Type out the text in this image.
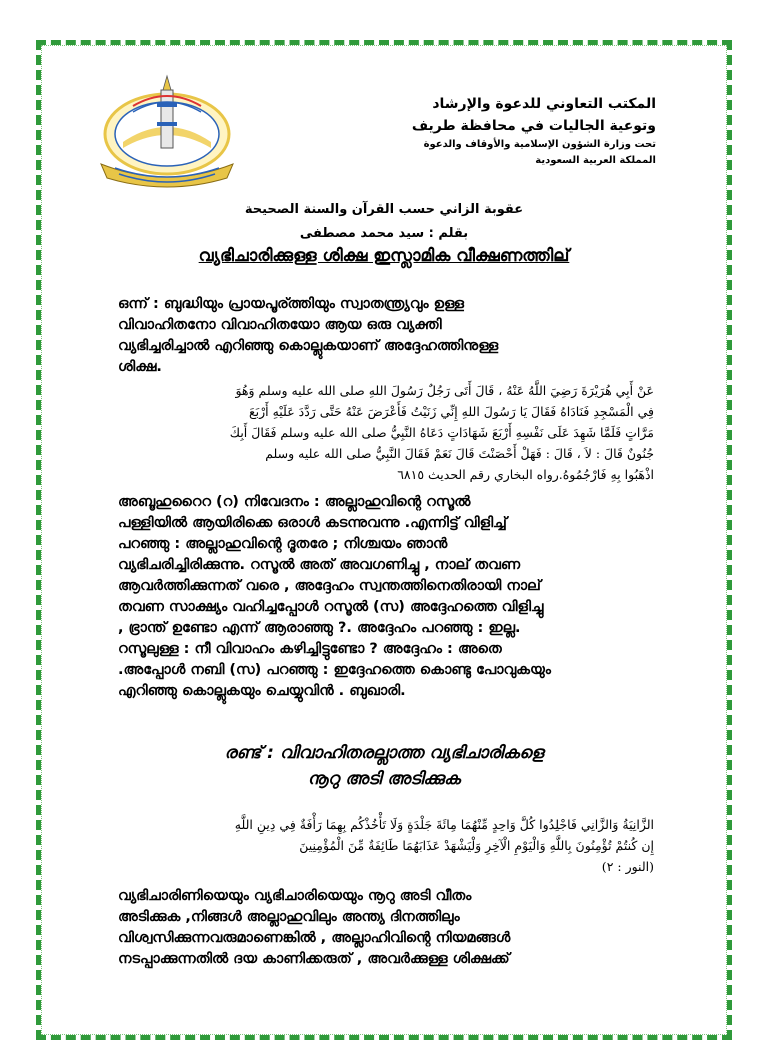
المكتب التعاوني للدعوة والإرشاد
وتوعية الجاليات في محافظة طريف
تحت وزارة الشؤون الإسلامية والأوقاف والدعوة
المملكة العربية السعودية
عقوبة الزاني حسب القرآن والسنة الصحيحة
بقلم : سيد محمد مصطفى
വ്യഭിചാരിക്കുള്ള ശിക്ഷ ഇസ്ലാമിക വീക്ഷണത്തില്
ഒന്ന് : ബുദ്ധിയും പ്രായപൂര്ത്തിയും സ്വാതന്ത്ര്യവും ഉള്ള
വിവാഹിതനോ വിവാഹിതയോ ആയ ഒരു വ്യക്തി
വ്യഭിച്ചരിച്ചാൽ എറിഞ്ഞു കൊല്ലുകയാണ് അദ്ദേഹത്തിനുള്ള
ശിക്ഷ.
عَنْ أَبِي هُرَيْرَةَ رَضِيَ اللَّهُ عَنْهُ ، قَالَ أَتَى رَجُلٌ رَسُولَ اللهِ صلى الله عليه وسلم وَهُوَ
فِي الْمَسْجِدِ فَنَادَاهُ فَقَالَ يَا رَسُولَ اللهِ إِنِّي زَنَيْتُ فَأَعْرَضَ عَنْهُ حَتَّى رَدَّدَ عَلَيْهِ أَرْبَعَ
مَرَّاتٍ فَلَمَّا شَهِدَ عَلَى نَفْسِهِ أَرْبَعَ شَهَادَاتٍ دَعَاهُ النَّبِيُّ صلى الله عليه وسلم فَقَالَ أَبِكَ
جُنُونٌ قَالَ : لاَ ، قَالَ : فَهَلْ أَحْصَنْتَ قَالَ نَعَمْ فَقَالَ النَّبِيُّ صلى الله عليه وسلم
اذْهَبُوا بِهِ فَارْجُمُوهُ.رواه البخاري رقم الحديث ٦٨١٥
അബൂഹുറൈറ (റ) നിവേദനം : അല്ലാഹുവിന്റെ റസൂൽ
പള്ളിയിൽ ആയിരിക്കെ ഒരാൾ കടന്നുവന്നു .എന്നിട്ട് വിളിച്ച്
പറഞ്ഞു : അല്ലാഹുവിന്റെ ദൂതരേ ; നിശ്ചയം ഞാൻ
വ്യഭിചരിച്ചിരിക്കുന്നു. റസൂൽ അത് അവഗണിച്ചു , നാല് തവണ
ആവർത്തിക്കുന്നത് വരെ , അദ്ദേഹം സ്വന്തത്തിനെതിരായി നാല്
തവണ സാക്ഷ്യം വഹിച്ചപ്പോൾ റസൂൽ (സ) അദ്ദേഹത്തെ വിളിച്ചു
, ഭ്രാന്ത് ഉണ്ടോ എന്ന് ആരാഞ്ഞു ?. അദ്ദേഹം പറഞ്ഞു : ഇല്ല.
റസൂലുള്ള : നീ വിവാഹം കഴിച്ചിട്ടുണ്ടോ ? അദ്ദേഹം : അതെ
.അപ്പോൾ നബി (സ) പറഞ്ഞു : ഇദ്ദേഹത്തെ കൊണ്ടു പോവുകയും
എറിഞ്ഞു കൊല്ലുകയും ചെയ്യുവിൻ . ബുഖാരി.
രണ്ട് : വിവാഹിതരല്ലാത്ത വ്യഭിചാരികളെ
നൂറു അടി അടിക്കുക
الزَّانِيَةُ وَالزَّانِي فَاجْلِدُوا كُلَّ وَاحِدٍ مِّنْهُمَا مِائَةَ جَلْدَةٍ وَلَا تَأْخُذْكُم بِهِمَا رَأْفَةٌ فِي دِينِ اللَّهِ
إِن كُنتُمْ تُؤْمِنُونَ بِاللَّهِ وَالْيَوْمِ الْآخِرِ وَلْيَشْهَدْ عَذَابَهُمَا طَائِفَةٌ مِّنَ الْمُؤْمِنِينَ
(النور : ٢)
വ്യഭിചാരിണിയെയും വ്യഭിചാരിയെയും നൂറു അടി വീതം
അടിക്കുക ,നിങ്ങൾ അല്ലാഹുവിലും അന്ത്യ ദിനത്തിലും
വിശ്വസിക്കുന്നവരുമാണെങ്കിൽ , അല്ലാഹിവിന്റെ നിയമങ്ങൾ
നടപ്പാക്കുന്നതിൽ ദയ കാണിക്കരുത് , അവർക്കുള്ള ശിക്ഷക്ക്
